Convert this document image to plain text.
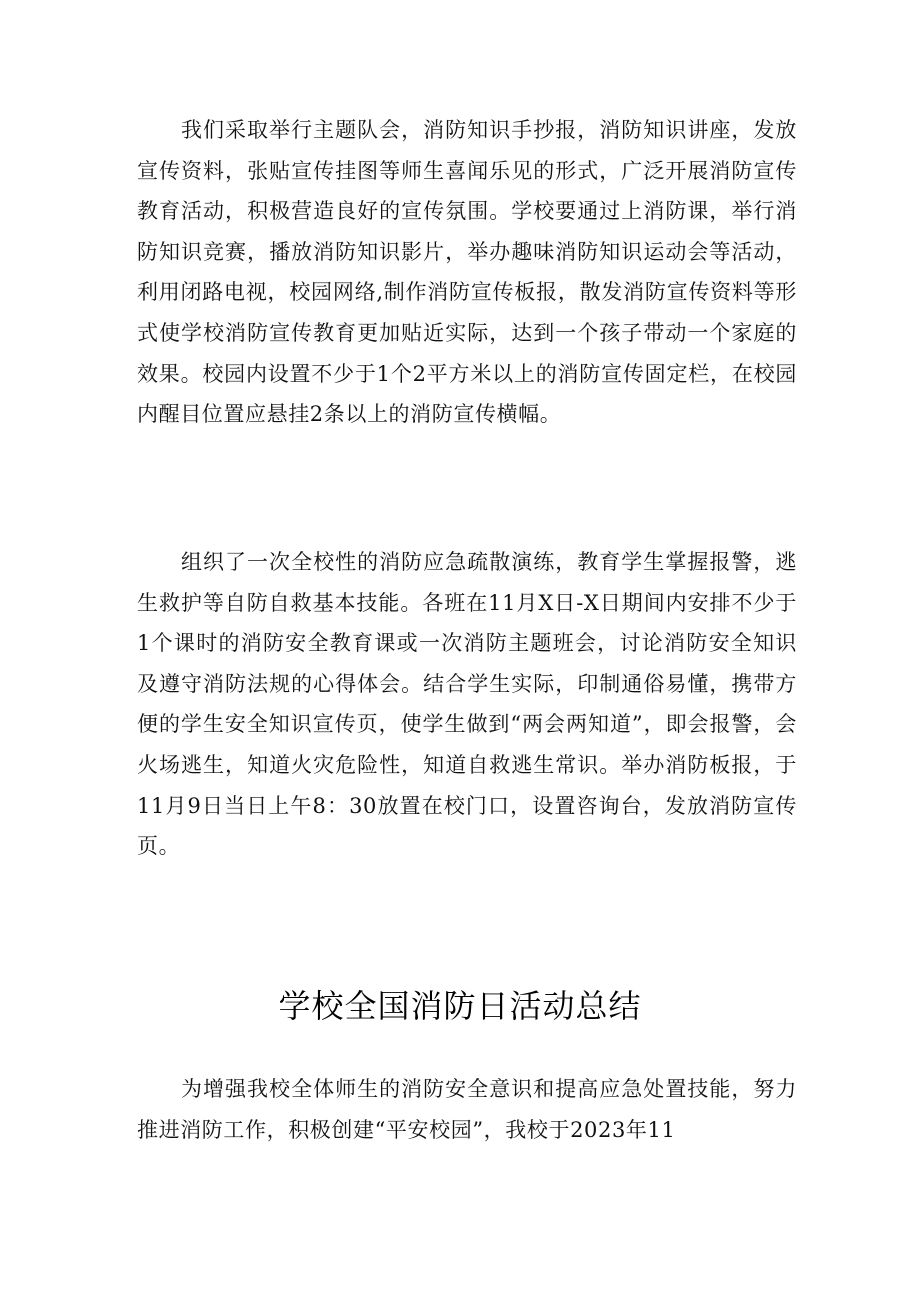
我们采取举行主题队会，消防知识手抄报，消防知识讲座，发放宣传资料，张贴宣传挂图等师生喜闻乐见的形式，广泛开展消防宣传教育活动，积极营造良好的宣传氛围。学校要通过上消防课，举行消防知识竞赛，播放消防知识影片，举办趣味消防知识运动会等活动，利用闭路电视，校园网络,制作消防宣传板报，散发消防宣传资料等形式使学校消防宣传教育更加贴近实际，达到一个孩子带动一个家庭的效果。校园内设置不少于1个2平方米以上的消防宣传固定栏，在校园内醒目位置应悬挂2条以上的消防宣传横幅。

组织了一次全校性的消防应急疏散演练，教育学生掌握报警，逃生救护等自防自救基本技能。各班在11月X日-X日期间内安排不少于1个课时的消防安全教育课或一次消防主题班会，讨论消防安全知识及遵守消防法规的心得体会。结合学生实际，印制通俗易懂，携带方便的学生安全知识宣传页，使学生做到“两会两知道”，即会报警，会火场逃生，知道火灾危险性，知道自救逃生常识。举办消防板报，于11月9日当日上午8：30放置在校门口，设置咨询台，发放消防宣传页。

学校全国消防日活动总结

为增强我校全体师生的消防安全意识和提高应急处置技能，努力推进消防工作，积极创建“平安校园”，我校于2023年11
